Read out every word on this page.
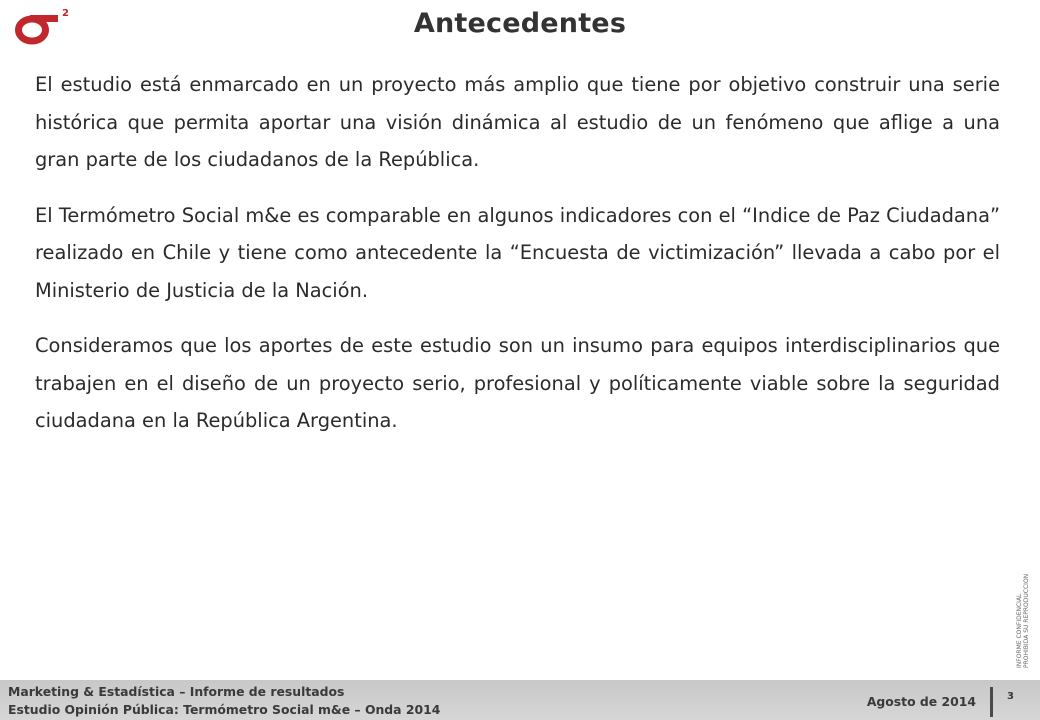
2	Antecedentes

El estudio está enmarcado en un proyecto más amplio que tiene por objetivo construir una serie histórica que permita aportar una visión dinámica al estudio de un fenómeno que aflige a una gran parte de los ciudadanos de la República.

El Termómetro Social m&e es comparable en algunos indicadores con el “Indice de Paz Ciudadana” realizado en Chile y tiene como antecedente la “Encuesta de victimización” llevada a cabo por el Ministerio de Justicia de la Nación.

Consideramos que los aportes de este estudio son un insumo para equipos interdisciplinarios que trabajen en el diseño de un proyecto serio, profesional y políticamente viable sobre la seguridad ciudadana en la República Argentina.

INFORME CONFIDENCIAL PROHIBIDA SU REPRODUCCION
Marketing & Estadística – Informe de resultados
Estudio Opinión Pública: Termómetro Social m&e – Onda 2014
Agosto de 2014	3
